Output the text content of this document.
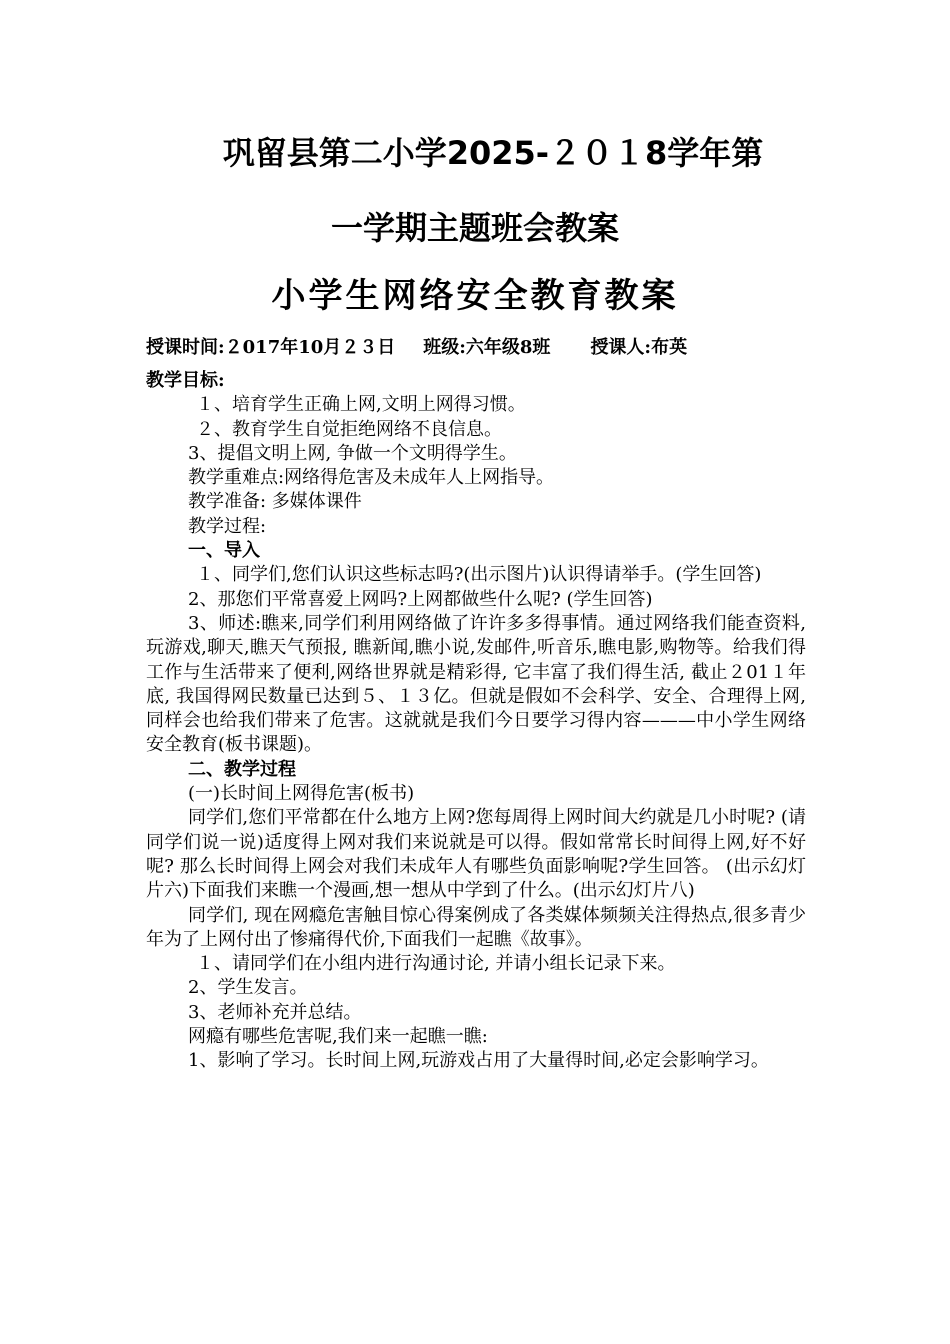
巩留县第二小学2025-２０１8学年第
一学期主题班会教案
小学生网络安全教育教案
授课时间:２017年10月２３日 班级:六年级8班 授课人:布英

教学目标:

１、培育学生正确上网,文明上网得习惯。

２、教育学生自觉拒绝网络不良信息。

3、提倡文明上网, 争做一个文明得学生。

教学重难点:网络得危害及未成年人上网指导。

教学准备: 多媒体课件

教学过程:

一、导入

１、同学们,您们认识这些标志吗?(出示图片)认识得请举手。(学生回答)

2、那您们平常喜爱上网吗?上网都做些什么呢? (学生回答)

3、师述:瞧来,同学们利用网络做了许许多多得事情。通过网络我们能查资料,玩游戏,聊天,瞧天气预报, 瞧新闻,瞧小说,发邮件,听音乐,瞧电影,购物等。给我们得工作与生活带来了便利,网络世界就是精彩得, 它丰富了我们得生活, 截止２01１年底, 我国得网民数量已达到５、１３亿。但就是假如不会科学、安全、合理得上网,同样会也给我们带来了危害。这就就是我们今日要学习得内容———中小学生网络安全教育(板书课题)。

二、教学过程

(一)长时间上网得危害(板书)

同学们,您们平常都在什么地方上网?您每周得上网时间大约就是几小时呢? (请同学们说一说)适度得上网对我们来说就是可以得。假如常常长时间得上网,好不好呢? 那么长时间得上网会对我们未成年人有哪些负面影响呢?学生回答。 (出示幻灯片六)下面我们来瞧一个漫画,想一想从中学到了什么。(出示幻灯片八)

同学们, 现在网瘾危害触目惊心得案例成了各类媒体频频关注得热点,很多青少年为了上网付出了惨痛得代价,下面我们一起瞧《故事》。

１、请同学们在小组内进行沟通讨论, 并请小组长记录下来。

2、学生发言。

3、老师补充并总结。

网瘾有哪些危害呢,我们来一起瞧一瞧:

1、影响了学习。长时间上网,玩游戏占用了大量得时间,必定会影响学习。
